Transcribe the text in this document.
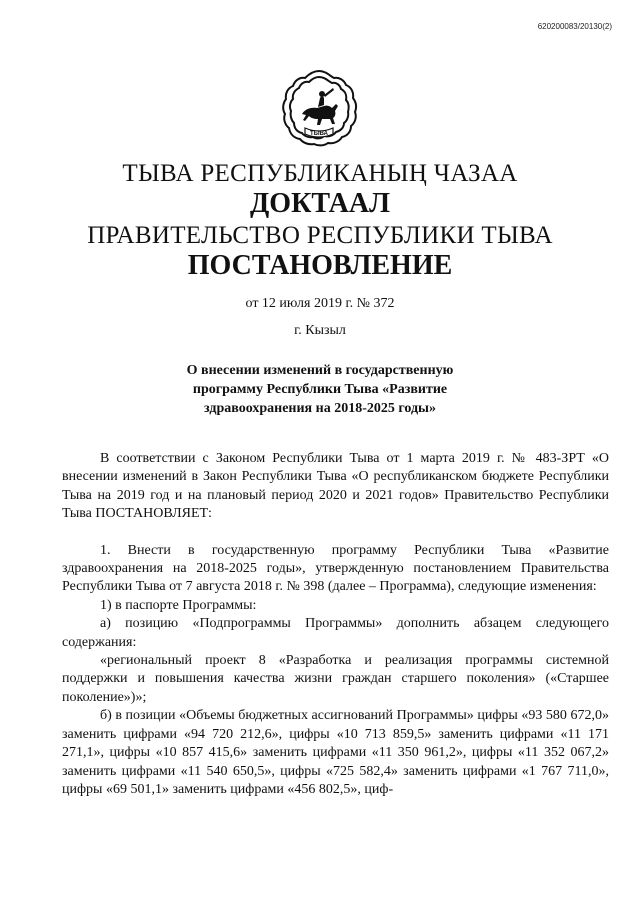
620200083/20130(2)
ТЫВА
ТЫВА РЕСПУБЛИКАНЫҢ ЧАЗАА
ДОКТААЛ
ПРАВИТЕЛЬСТВО РЕСПУБЛИКИ ТЫВА
ПОСТАНОВЛЕНИЕ
от 12 июля 2019 г. № 372
г. Кызыл
О внесении изменений в государственную
программу Республики Тыва «Развитие
здравоохранения на 2018-2025 годы»

В соответствии с Законом Республики Тыва от 1 марта 2019 г. № 483-ЗРТ «О внесении изменений в Закон Республики Тыва «О республиканском бюджете Республики Тыва на 2019 год и на плановый период 2020 и 2021 годов» Правительство Республики Тыва ПОСТАНОВЛЯЕТ:

1. Внести в государственную программу Республики Тыва «Развитие здравоохранения на 2018-2025 годы», утвержденную постановлением Правительства Республики Тыва от 7 августа 2018 г. № 398 (далее – Программа), следующие изменения:

1) в паспорте Программы:

а) позицию «Подпрограммы Программы» дополнить абзацем следующего содержания:

«региональный проект 8 «Разработка и реализация программы системной поддержки и повышения качества жизни граждан старшего поколения» («Старшее поколение»)»;

б) в позиции «Объемы бюджетных ассигнований Программы» цифры «93 580 672,0» заменить цифрами «94 720 212,6», цифры «10 713 859,5» заменить цифрами «11 171 271,1», цифры «10 857 415,6» заменить цифрами «11 350 961,2», цифры «11 352 067,2» заменить цифрами «11 540 650,5», цифры «725 582,4» заменить цифрами «1 767 711,0», цифры «69 501,1» заменить цифрами «456 802,5», циф-
